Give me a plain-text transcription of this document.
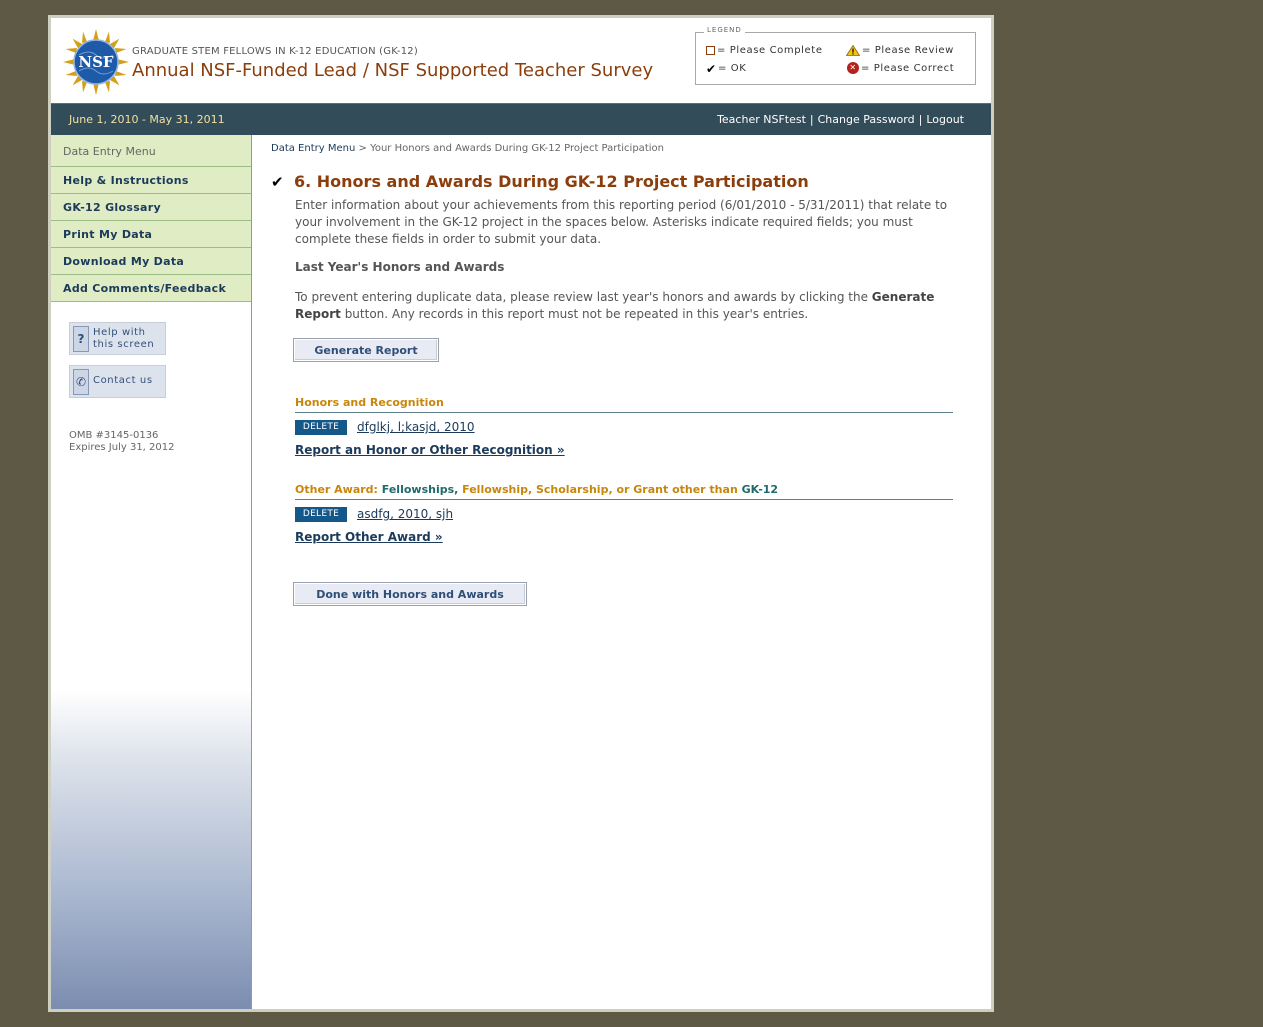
NSF
GRADUATE STEM FELLOWS IN K-12 EDUCATION (GK-12)
Annual NSF-Funded Lead / NSF Supported Teacher Survey
LEGEND
= Please Complete	= Please Review
✔ = OK	✕ = Please Correct
June 1, 2010 - May 31, 2011	Teacher NSFtest | Change Password | Logout
Data Entry Menu
Help & Instructions
GK-12 Glossary
Print My Data
Download My Data
Add Comments/Feedback
? Help with
this screen
✆ Contact us
OMB #3145-0136
Expires July 31, 2012
Data Entry Menu > Your Honors and Awards During GK-12 Project Participation
✔ 6. Honors and Awards During GK-12 Project Participation
Enter information about your achievements from this reporting period (6/01/2010 - 5/31/2011) that relate to your involvement in the GK-12 project in the spaces below. Asterisks indicate required fields; you must complete these fields in order to submit your data.
Last Year's Honors and Awards
To prevent entering duplicate data, please review last year's honors and awards by clicking the Generate Report button. Any records in this report must not be repeated in this year's entries.
Generate Report
Honors and Recognition
DELETE	dfglkj, l;kasjd, 2010
Report an Honor or Other Recognition »
Other Award: Fellowships, Fellowship, Scholarship, or Grant other than GK-12
DELETE	asdfg, 2010, sjh
Report Other Award »
Done with Honors and Awards
